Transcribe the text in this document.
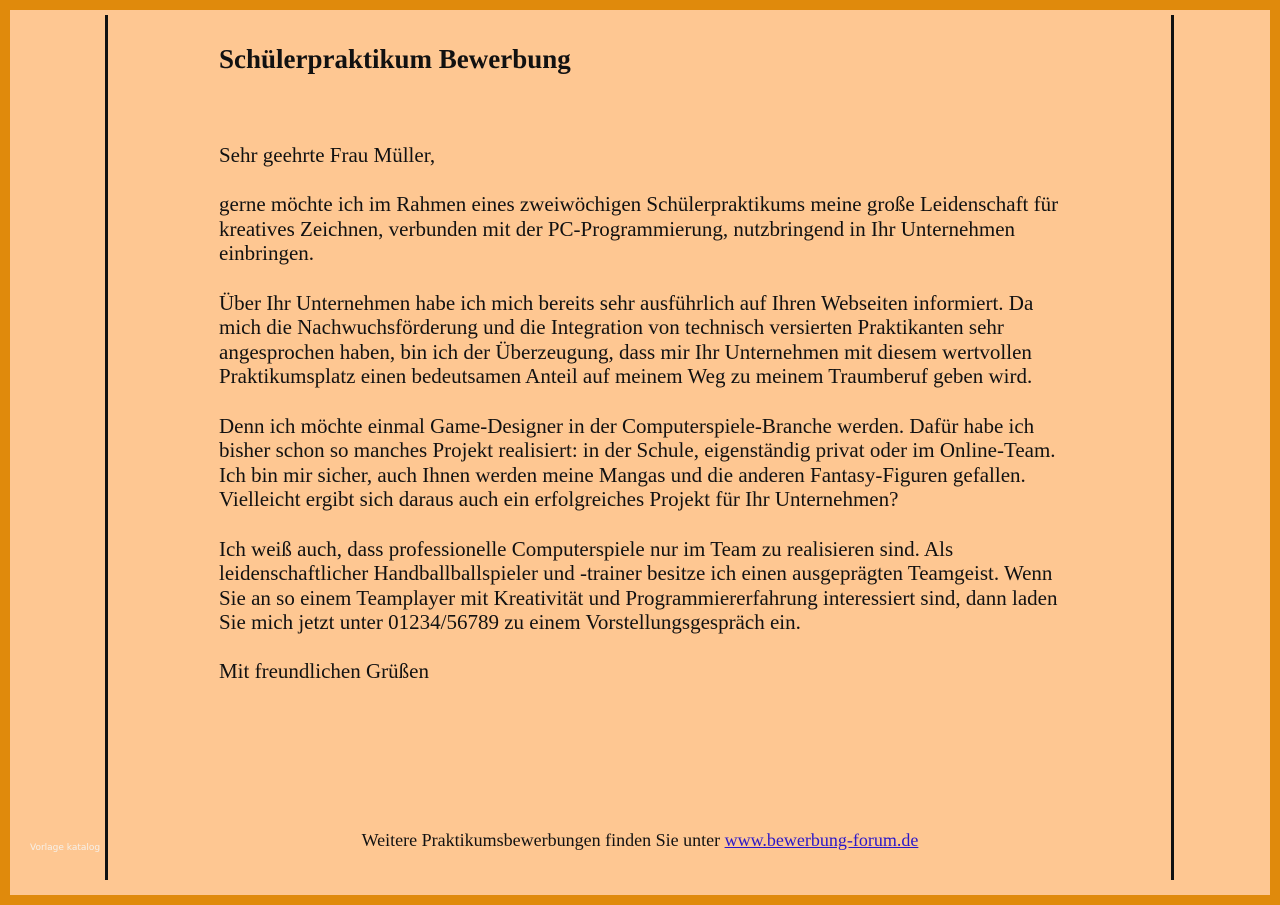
Schülerpraktikum Bewerbung

Sehr geehrte Frau Müller,

gerne möchte ich im Rahmen eines zweiwöchigen Schülerpraktikums meine große Leidenschaft für kreatives Zeichnen, verbunden mit der PC-Programmierung, nutzbringend in Ihr Unternehmen einbringen.

Über Ihr Unternehmen habe ich mich bereits sehr ausführlich auf Ihren Webseiten informiert. Da mich die Nachwuchsförderung und die Integration von technisch versierten Praktikanten sehr angesprochen haben, bin ich der Überzeugung, dass mir Ihr Unternehmen mit diesem wertvollen Praktikumsplatz einen bedeutsamen Anteil auf meinem Weg zu meinem Traumberuf geben wird.

Denn ich möchte einmal Game-Designer in der Computerspiele-Branche werden. Dafür habe ich bisher schon so manches Projekt realisiert: in der Schule, eigenständig privat oder im Online-Team. Ich bin mir sicher, auch Ihnen werden meine Mangas und die anderen Fantasy-Figuren gefallen. Vielleicht ergibt sich daraus auch ein erfolgreiches Projekt für Ihr Unternehmen?

Ich weiß auch, dass professionelle Computerspiele nur im Team zu realisieren sind. Als leidenschaftlicher Handballballspieler und -trainer besitze ich einen ausgeprägten Teamgeist. Wenn Sie an so einem Teamplayer mit Kreativität und Programmiererfahrung interessiert sind, dann laden Sie mich jetzt unter 01234/56789 zu einem Vorstellungsgespräch ein.

Mit freundlichen Grüßen

Weitere Praktikumsbewerbungen finden Sie unter www.bewerbung-forum.de
Vorlage katalog
